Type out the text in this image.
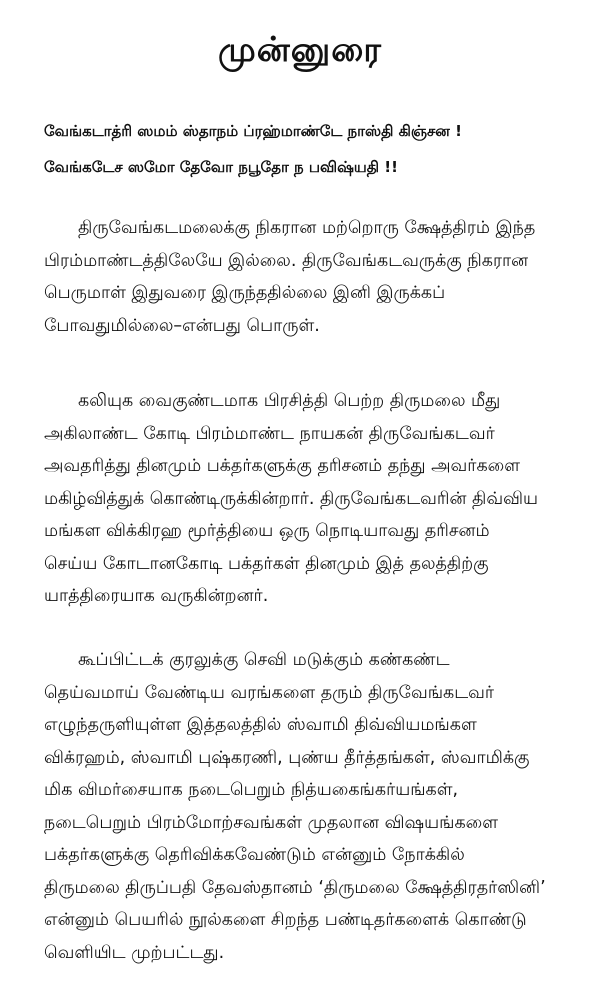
முன்னுரை
வேங்கடாத்ரி ஸமம் ஸ்தாநம் ப்ரஹ்மாண்டே நாஸ்தி கிஞ்சன !
வேங்கடேச ஸமோ தேவோ நபூதோ ந பவிஷ்யதி !!
திருவேங்கடமலைக்கு நிகரான மற்றொரு க்ஷேத்திரம் இந்த
பிரம்மாண்டத்திலேயே இல்லை. திருவேங்கடவருக்கு நிகரான
பெருமாள் இதுவரை இருந்ததில்லை இனி இருக்கப்
போவதுமில்லை–என்பது பொருள்.
கலியுக வைகுண்டமாக பிரசித்தி பெற்ற திருமலை மீது
அகிலாண்ட கோடி பிரம்மாண்ட நாயகன் திருவேங்கடவர்
அவதரித்து தினமும் பக்தர்களுக்கு தரிசனம் தந்து அவர்களை
மகிழ்வித்துக் கொண்டிருக்கின்றார். திருவேங்கடவரின் திவ்விய
மங்கள விக்கிரஹ மூர்த்தியை ஒரு நொடியாவது தரிசனம்
செய்ய கோடானகோடி பக்தர்கள் தினமும் இத் தலத்திற்கு
யாத்திரையாக வருகின்றனர்.
கூப்பிட்டக் குரலுக்கு செவி மடுக்கும் கண்கண்ட
தெய்வமாய் வேண்டிய வரங்களை தரும் திருவேங்கடவர்
எழுந்தருளியுள்ள இத்தலத்தில் ஸ்வாமி திவ்வியமங்கள
விக்ரஹம், ஸ்வாமி புஷ்கரணி, புண்ய தீர்த்தங்கள், ஸ்வாமிக்கு
மிக விமர்சையாக நடைபெறும் நித்யகைங்கர்யங்கள்,
நடைபெறும் பிரம்மோற்சவங்கள் முதலான விஷயங்களை
பக்தர்களுக்கு தெரிவிக்கவேண்டும் என்னும் நோக்கில்
திருமலை திருப்பதி தேவஸ்தானம் ‘திருமலை க்ஷேத்திரதர்ஸினி’
என்னும் பெயரில் நூல்களை சிறந்த பண்டிதர்களைக் கொண்டு
வெளியிட முற்பட்டது.
